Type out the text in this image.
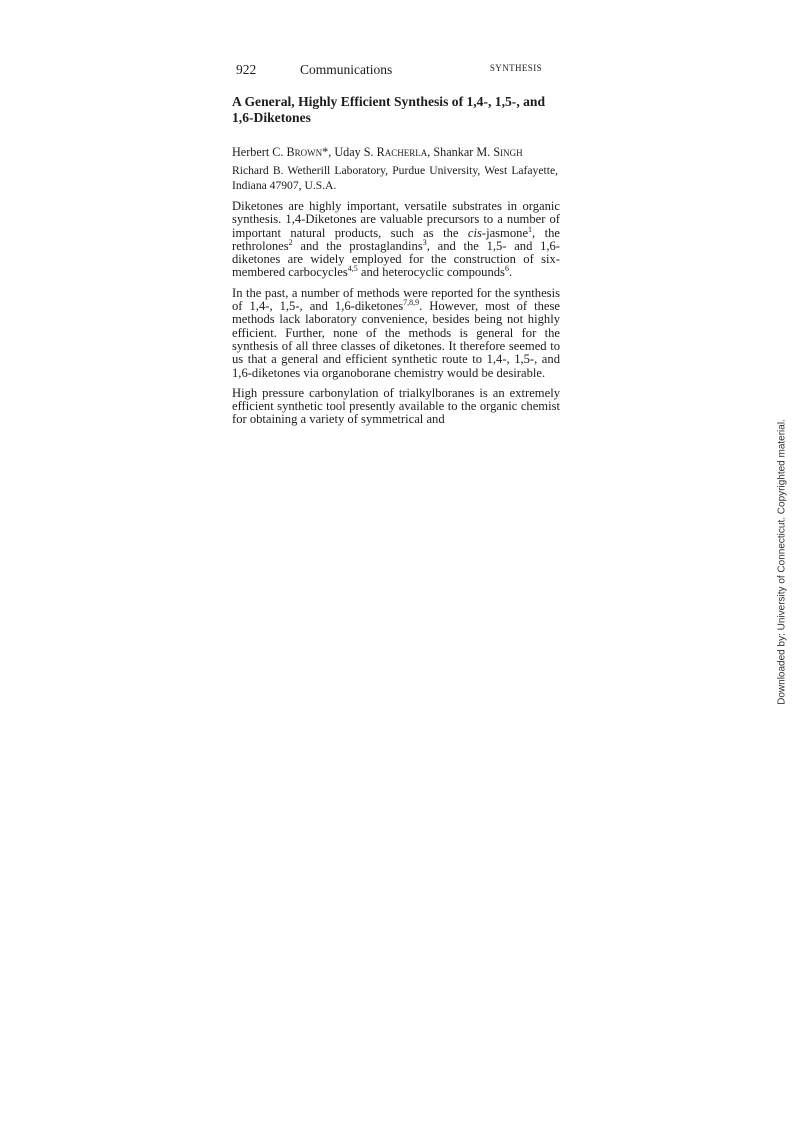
922	Communications	SYNTHESIS
A General, Highly Efficient Synthesis of 1,4-, 1,5-, and 1,6-Diketones
Herbert C. Brown*, Uday S. Racherla, Shankar M. Singh
Richard B. Wetherill Laboratory, Purdue University, West Lafayette, Indiana 47907, U.S.A.

Diketones are highly important, versatile substrates in organic synthesis. 1,4-Diketones are valuable precursors to a number of important natural products, such as the cis-jasmone$^1$, the rethrolones$^2$ and the prostaglandins$^3$, and the 1,5- and 1,6-diketones are widely employed for the construction of six-membered carbocycles$^{4,5}$ and heterocyclic compounds$^6$.

In the past, a number of methods were reported for the synthesis of 1,4-, 1,5-, and 1,6-diketones$^{7,8,9}$. However, most of these methods lack laboratory convenience, besides being not highly efficient. Further, none of the methods is general for the synthesis of all three classes of diketones. It therefore seemed to us that a general and efficient synthetic route to 1,4-, 1,5-, and 1,6-diketones via organoborane chemistry would be desirable.

High pressure carbonylation of trialkylboranes is an extremely efficient synthetic tool presently available to the organic chemist for obtaining a variety of symmetrical and	Downloaded by: University of Connecticut. Copyrighted material.
